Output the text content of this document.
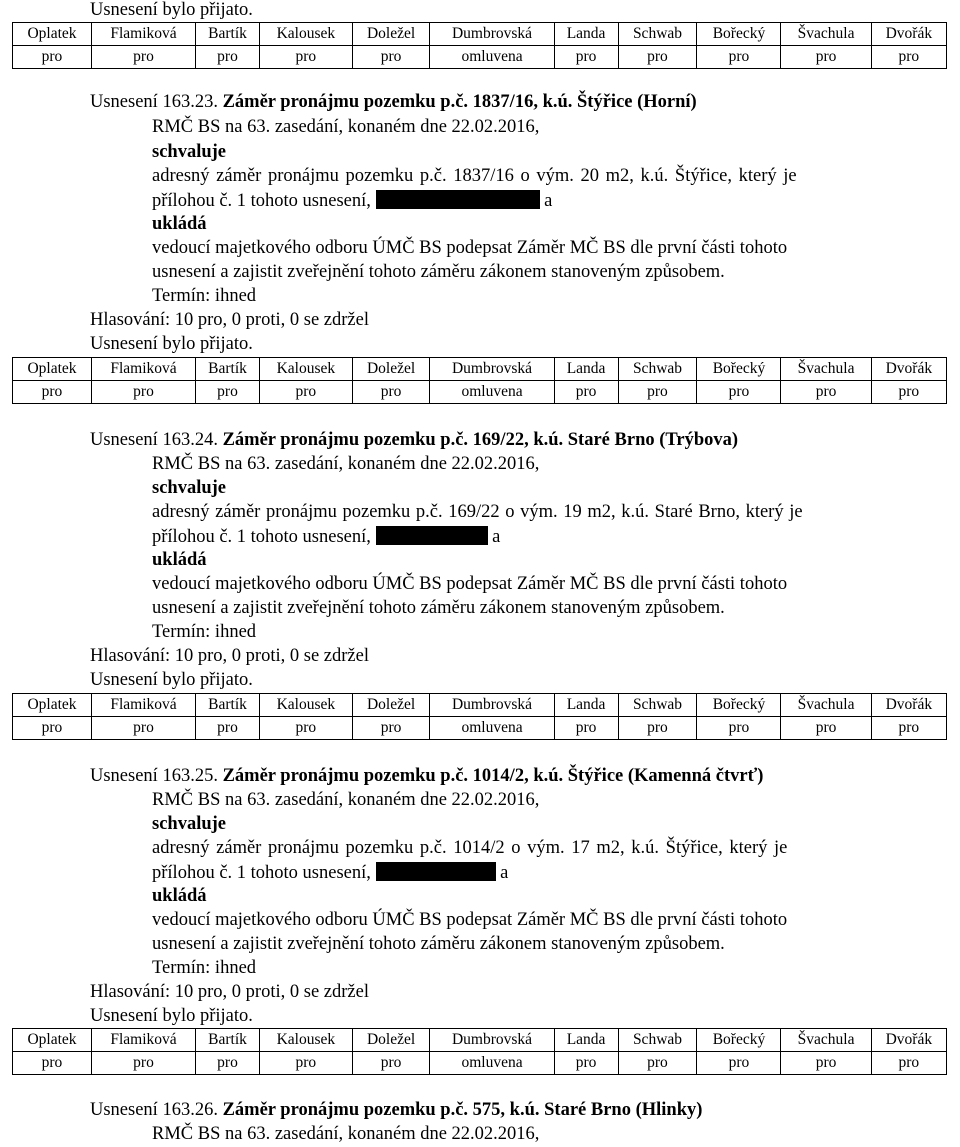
Usnesení bylo přijato.
Oplatek	Flamiková	Bartík	Kalousek	Doležel	Dumbrovská	Landa	Schwab	Bořecký	Švachula	Dvořák
pro	pro	pro	pro	pro	omluvena	pro	pro	pro	pro	pro
Usnesení 163.23. Záměr pronájmu pozemku p.č. 1837/16, k.ú. Štýřice (Horní)
RMČ BS na 63. zasedání, konaném dne 22.02.2016,
schvaluje
adresný záměr pronájmu pozemku p.č. 1837/16 o vým. 20 m2, k.ú. Štýřice, který je
přílohou č. 1 tohoto usnesení,	a
ukládá
vedoucí majetkového odboru ÚMČ BS podepsat Záměr MČ BS dle první části tohoto
usnesení a zajistit zveřejnění tohoto záměru zákonem stanoveným způsobem.
Termín: ihned
Hlasování: 10 pro, 0 proti, 0 se zdržel
Usnesení bylo přijato.
Oplatek	Flamiková	Bartík	Kalousek	Doležel	Dumbrovská	Landa	Schwab	Bořecký	Švachula	Dvořák
pro	pro	pro	pro	pro	omluvena	pro	pro	pro	pro	pro
Usnesení 163.24. Záměr pronájmu pozemku p.č. 169/22, k.ú. Staré Brno (Trýbova)
RMČ BS na 63. zasedání, konaném dne 22.02.2016,
schvaluje
adresný záměr pronájmu pozemku p.č. 169/22 o vým. 19 m2, k.ú. Staré Brno, který je
přílohou č. 1 tohoto usnesení,	a
ukládá
vedoucí majetkového odboru ÚMČ BS podepsat Záměr MČ BS dle první části tohoto
usnesení a zajistit zveřejnění tohoto záměru zákonem stanoveným způsobem.
Termín: ihned
Hlasování: 10 pro, 0 proti, 0 se zdržel
Usnesení bylo přijato.
Oplatek	Flamiková	Bartík	Kalousek	Doležel	Dumbrovská	Landa	Schwab	Bořecký	Švachula	Dvořák
pro	pro	pro	pro	pro	omluvena	pro	pro	pro	pro	pro
Usnesení 163.25. Záměr pronájmu pozemku p.č. 1014/2, k.ú. Štýřice (Kamenná čtvrť)
RMČ BS na 63. zasedání, konaném dne 22.02.2016,
schvaluje
adresný záměr pronájmu pozemku p.č. 1014/2 o vým. 17 m2, k.ú. Štýřice, který je
přílohou č. 1 tohoto usnesení,	a
ukládá
vedoucí majetkového odboru ÚMČ BS podepsat Záměr MČ BS dle první části tohoto
usnesení a zajistit zveřejnění tohoto záměru zákonem stanoveným způsobem.
Termín: ihned
Hlasování: 10 pro, 0 proti, 0 se zdržel
Usnesení bylo přijato.
Oplatek	Flamiková	Bartík	Kalousek	Doležel	Dumbrovská	Landa	Schwab	Bořecký	Švachula	Dvořák
pro	pro	pro	pro	pro	omluvena	pro	pro	pro	pro	pro
Usnesení 163.26. Záměr pronájmu pozemku p.č. 575, k.ú. Staré Brno (Hlinky)
RMČ BS na 63. zasedání, konaném dne 22.02.2016,
